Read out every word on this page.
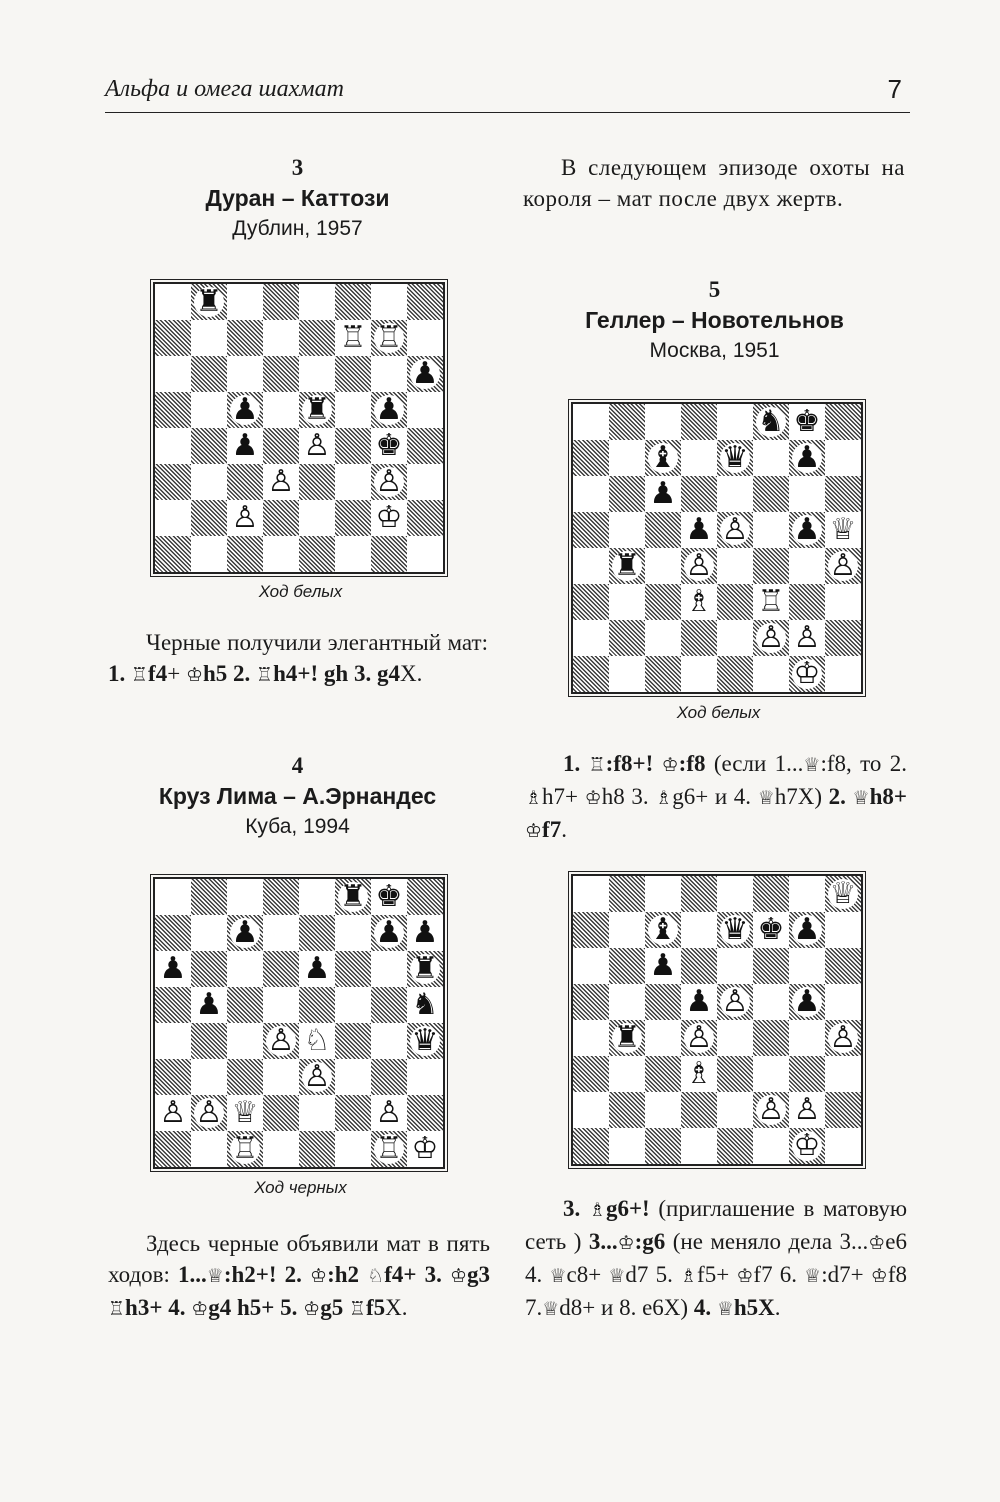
Альфа и омега шахмат	7
3
Дуран – Каттози
Дублин, 1957
♜
♖ ♖
♟
♟ ♜ ♟
♟ ♙ ♚
♙	♙
♙	♔
Ход белых

Черные получили элегантный мат: 1. ♖f4+ ♔h5 2. ♖h4+! gh 3. g4Х.

4
Круз Лима – А.Эрнандес
Куба, 1994
♜ ♚
♟	♟ ♟
♟	♟	♜
♟	♞
♙ ♘	♛
♙
♙ ♙ ♕	♙
♖	♖ ♔
Ход черных

Здесь черные объявили мат в пять ходов: 1...♕:h2+! 2. ♔:h2 ♘f4+ 3. ♔g3 ♖h3+ 4. ♔g4 h5+ 5. ♔g5 ♖f5Х.

В следующем эпизоде охоты на короля – мат после двух жертв.

5
Геллер – Новотельнов
Москва, 1951
♞ ♚
♝ ♛ ♟
♟
♟ ♙ ♟ ♕
♜ ♙	♙
♗ ♖
♙ ♙
♔
Ход белых

1. ♖:f8+! ♔:f8 (если 1...♕:f8, то 2. ♗h7+ ♔h8 3. ♗g6+ и 4. ♕h7Х) 2. ♕h8+ ♔f7.

♕
♝ ♛ ♚ ♟
♟
♟ ♙ ♟
♜ ♙	♙
♗
♙ ♙
♔

3. ♗g6+! (приглашение в матовую сеть ) 3...♔:g6 (не меняло дела 3...♔e6 4. ♕c8+ ♕d7 5. ♗f5+ ♔f7 6. ♕:d7+ ♔f8 7.♕d8+ и 8. е6Х) 4. ♕h5Х.
